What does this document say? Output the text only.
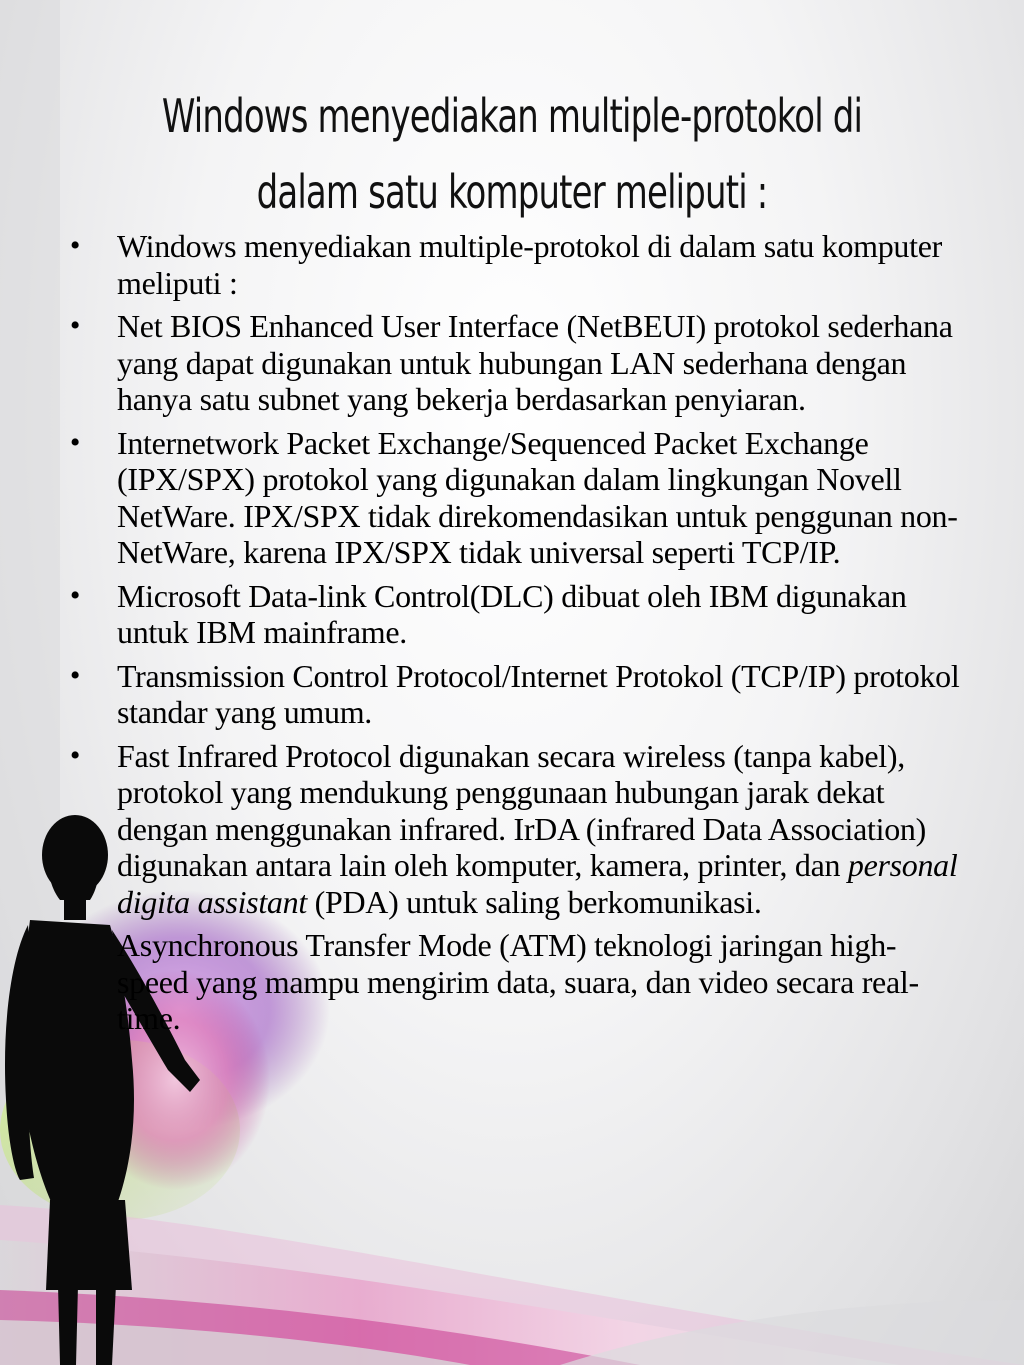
Windows menyediakan multiple-protokol di
dalam satu komputer meliputi :
•	Windows menyediakan multiple-protokol di dalam satu komputer meliputi :
•	Net BIOS Enhanced User Interface (NetBEUI) protokol sederhana yang dapat digunakan untuk hubungan LAN sederhana dengan hanya satu subnet yang bekerja berdasarkan penyiaran.
•	Internetwork Packet Exchange/Sequenced Packet Exchange (IPX/SPX) protokol yang digunakan dalam lingkungan Novell NetWare. IPX/SPX tidak direkomendasikan untuk penggunan non-NetWare, karena IPX/SPX tidak universal seperti TCP/IP.
•	Microsoft Data-link Control(DLC) dibuat oleh IBM digunakan untuk IBM mainframe.
•	Transmission Control Protocol/Internet Protokol (TCP/IP) protokol standar yang umum.
•	Fast Infrared Protocol digunakan secara wireless (tanpa kabel), protokol yang mendukung penggunaan hubungan jarak dekat dengan menggunakan infrared. IrDA (infrared Data Association) digunakan antara lain oleh komputer, kamera, printer, dan personal digita assistant (PDA) untuk saling berkomunikasi.
Asynchronous Transfer Mode (ATM) teknologi jaringan high-speed yang mampu mengirim data, suara, dan video secara real-time.
